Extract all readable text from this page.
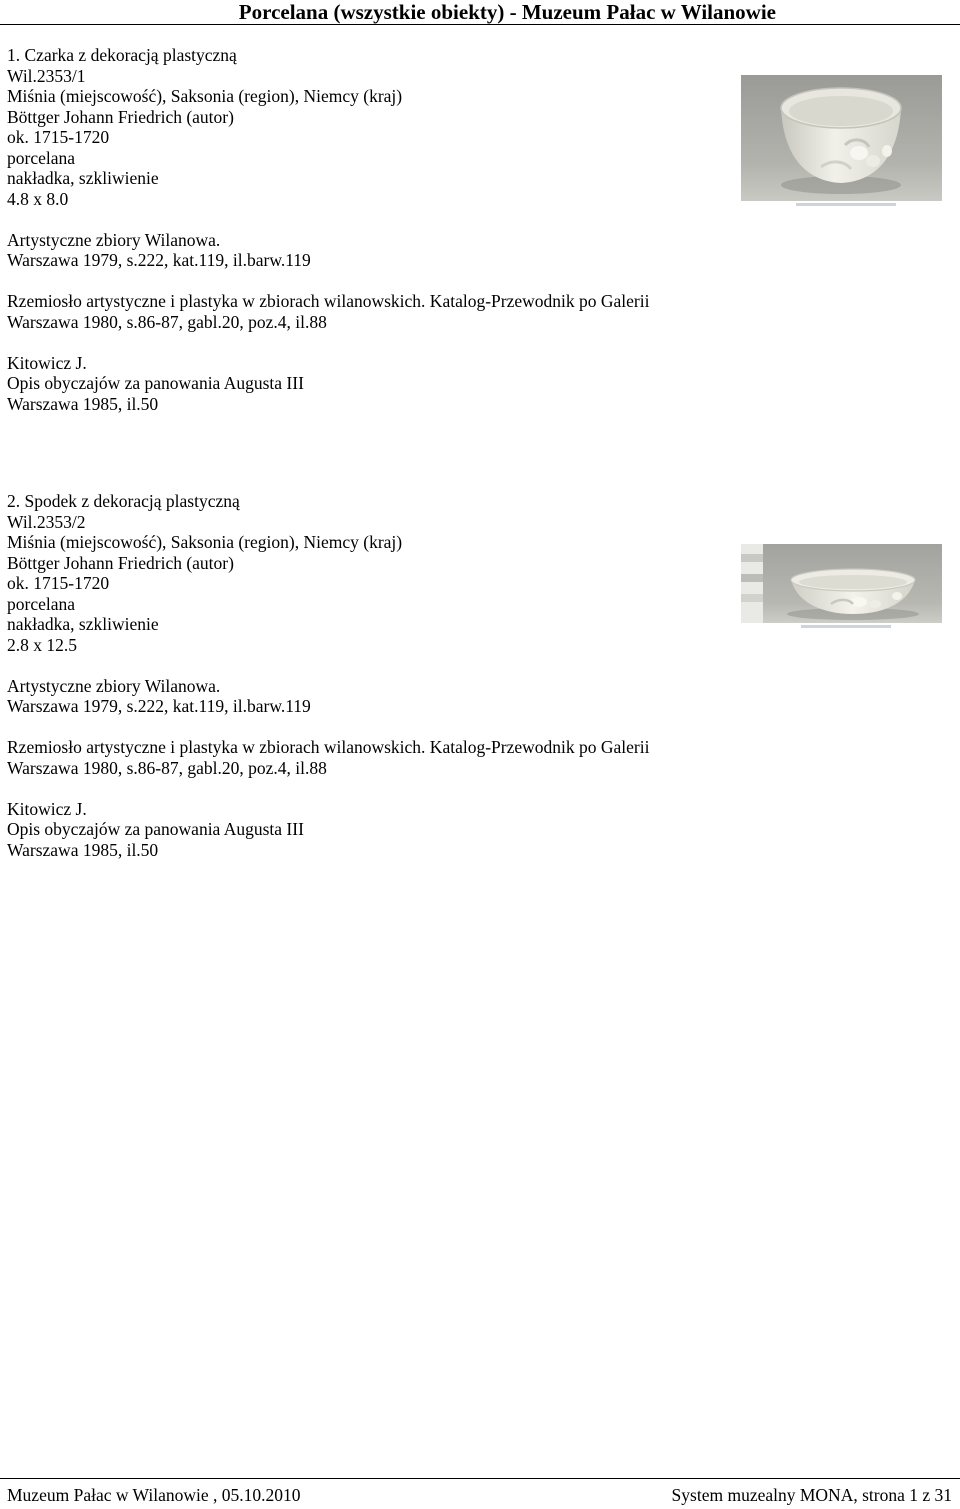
Porcelana (wszystkie obiekty) - Muzeum Pałac w Wilanowie
1. Czarka z dekoracją plastyczną
Wil.2353/1
Miśnia (miejscowość), Saksonia (region), Niemcy (kraj)
Böttger Johann Friedrich (autor)
ok. 1715-1720
porcelana
nakładka, szkliwienie
4.8 x 8.0
Artystyczne zbiory Wilanowa.
Warszawa 1979, s.222, kat.119, il.barw.119
Rzemiosło artystyczne i plastyka w zbiorach wilanowskich. Katalog-Przewodnik po Galerii
Warszawa 1980, s.86-87, gabl.20, poz.4, il.88
Kitowicz J.
Opis obyczajów za panowania Augusta III
Warszawa 1985, il.50
2. Spodek z dekoracją plastyczną
Wil.2353/2
Miśnia (miejscowość), Saksonia (region), Niemcy (kraj)
Böttger Johann Friedrich (autor)
ok. 1715-1720
porcelana
nakładka, szkliwienie
2.8 x 12.5
Artystyczne zbiory Wilanowa.
Warszawa 1979, s.222, kat.119, il.barw.119
Rzemiosło artystyczne i plastyka w zbiorach wilanowskich. Katalog-Przewodnik po Galerii
Warszawa 1980, s.86-87, gabl.20, poz.4, il.88
Kitowicz J.
Opis obyczajów za panowania Augusta III
Warszawa 1985, il.50
Muzeum Pałac w Wilanowie , 05.10.2010	System muzealny MONA, strona 1 z 31
